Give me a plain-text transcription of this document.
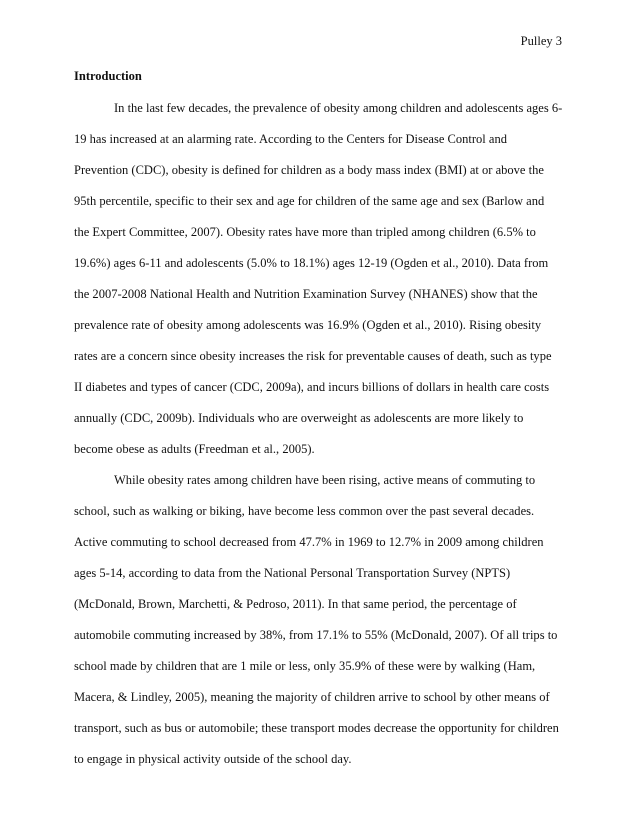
Pulley 3
Introduction
In the last few decades, the prevalence of obesity among children and adolescents ages 6-
19 has increased at an alarming rate. According to the Centers for Disease Control and
Prevention (CDC), obesity is defined for children as a body mass index (BMI) at or above the
95th percentile, specific to their sex and age for children of the same age and sex (Barlow and
the Expert Committee, 2007). Obesity rates have more than tripled among children (6.5% to
19.6%) ages 6-11 and adolescents (5.0% to 18.1%) ages 12-19 (Ogden et al., 2010). Data from
the 2007-2008 National Health and Nutrition Examination Survey (NHANES) show that the
prevalence rate of obesity among adolescents was 16.9% (Ogden et al., 2010). Rising obesity
rates are a concern since obesity increases the risk for preventable causes of death, such as type
II diabetes and types of cancer (CDC, 2009a), and incurs billions of dollars in health care costs
annually (CDC, 2009b). Individuals who are overweight as adolescents are more likely to
become obese as adults (Freedman et al., 2005).
While obesity rates among children have been rising, active means of commuting to
school, such as walking or biking, have become less common over the past several decades.
Active commuting to school decreased from 47.7% in 1969 to 12.7% in 2009 among children
ages 5-14, according to data from the National Personal Transportation Survey (NPTS)
(McDonald, Brown, Marchetti, & Pedroso, 2011). In that same period, the percentage of
automobile commuting increased by 38%, from 17.1% to 55% (McDonald, 2007). Of all trips to
school made by children that are 1 mile or less, only 35.9% of these were by walking (Ham,
Macera, & Lindley, 2005), meaning the majority of children arrive to school by other means of
transport, such as bus or automobile; these transport modes decrease the opportunity for children
to engage in physical activity outside of the school day.
